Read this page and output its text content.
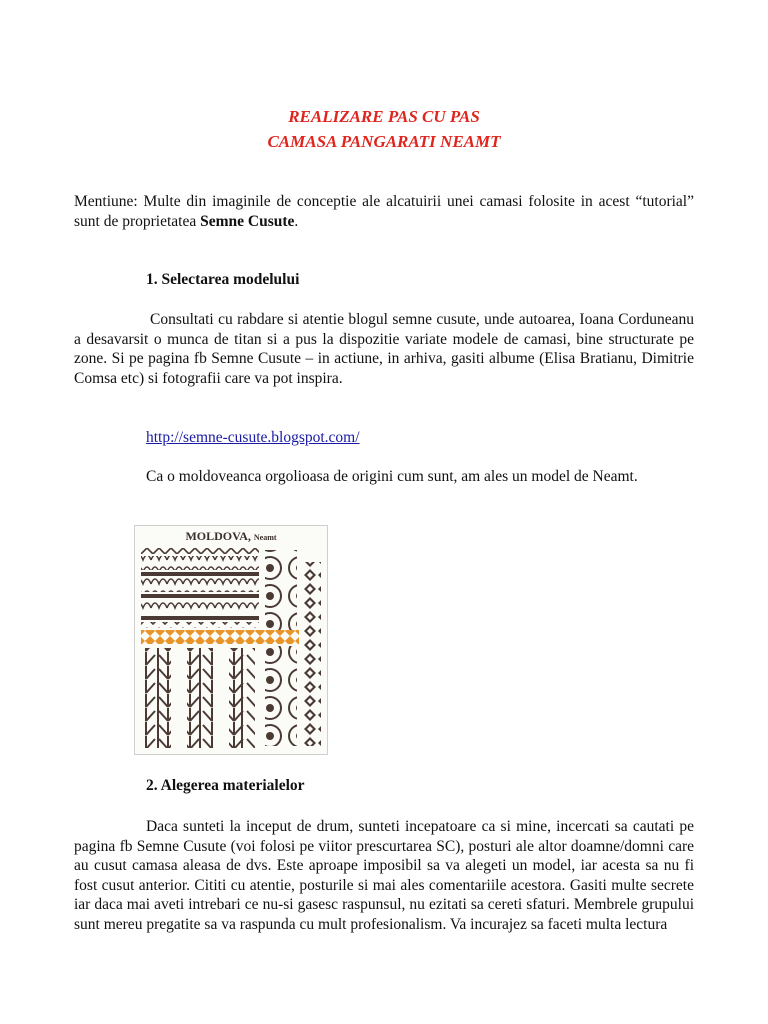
REALIZARE PAS CU PAS
CAMASA PANGARATI NEAMT

Mentiune: Multe din imaginile de conceptie ale alcatuirii unei camasi folosite in acest “tutorial” sunt de proprietatea Semne Cusute.

1. Selectarea modelului

Consultati cu rabdare si atentie blogul semne cusute, unde autoarea, Ioana Corduneanu a desavarsit o munca de titan si a pus la dispozitie variate modele de camasi, bine structurate pe zone. Si pe pagina fb Semne Cusute – in actiune, in arhiva, gasiti albume (Elisa Bratianu, Dimitrie Comsa etc) si fotografii care va pot inspira.

http://semne-cusute.blogspot.com/

Ca o moldoveanca orgolioasa de origini cum sunt, am ales un model de Neamt.

MOLDOVA, Neamt
2. Alegerea materialelor

Daca sunteti la inceput de drum, sunteti incepatoare ca si mine, incercati sa cautati pe pagina fb Semne Cusute (voi folosi pe viitor prescurtarea SC), posturi ale altor doamne/domni care au cusut camasa aleasa de dvs. Este aproape imposibil sa va alegeti un model, iar acesta sa nu fi fost cusut anterior. Cititi cu atentie, posturile si mai ales comentariile acestora. Gasiti multe secrete iar daca mai aveti intrebari ce nu-si gasesc raspunsul, nu ezitati sa cereti sfaturi. Membrele grupului sunt mereu pregatite sa va raspunda cu mult profesionalism. Va incurajez sa faceti multa lectura
